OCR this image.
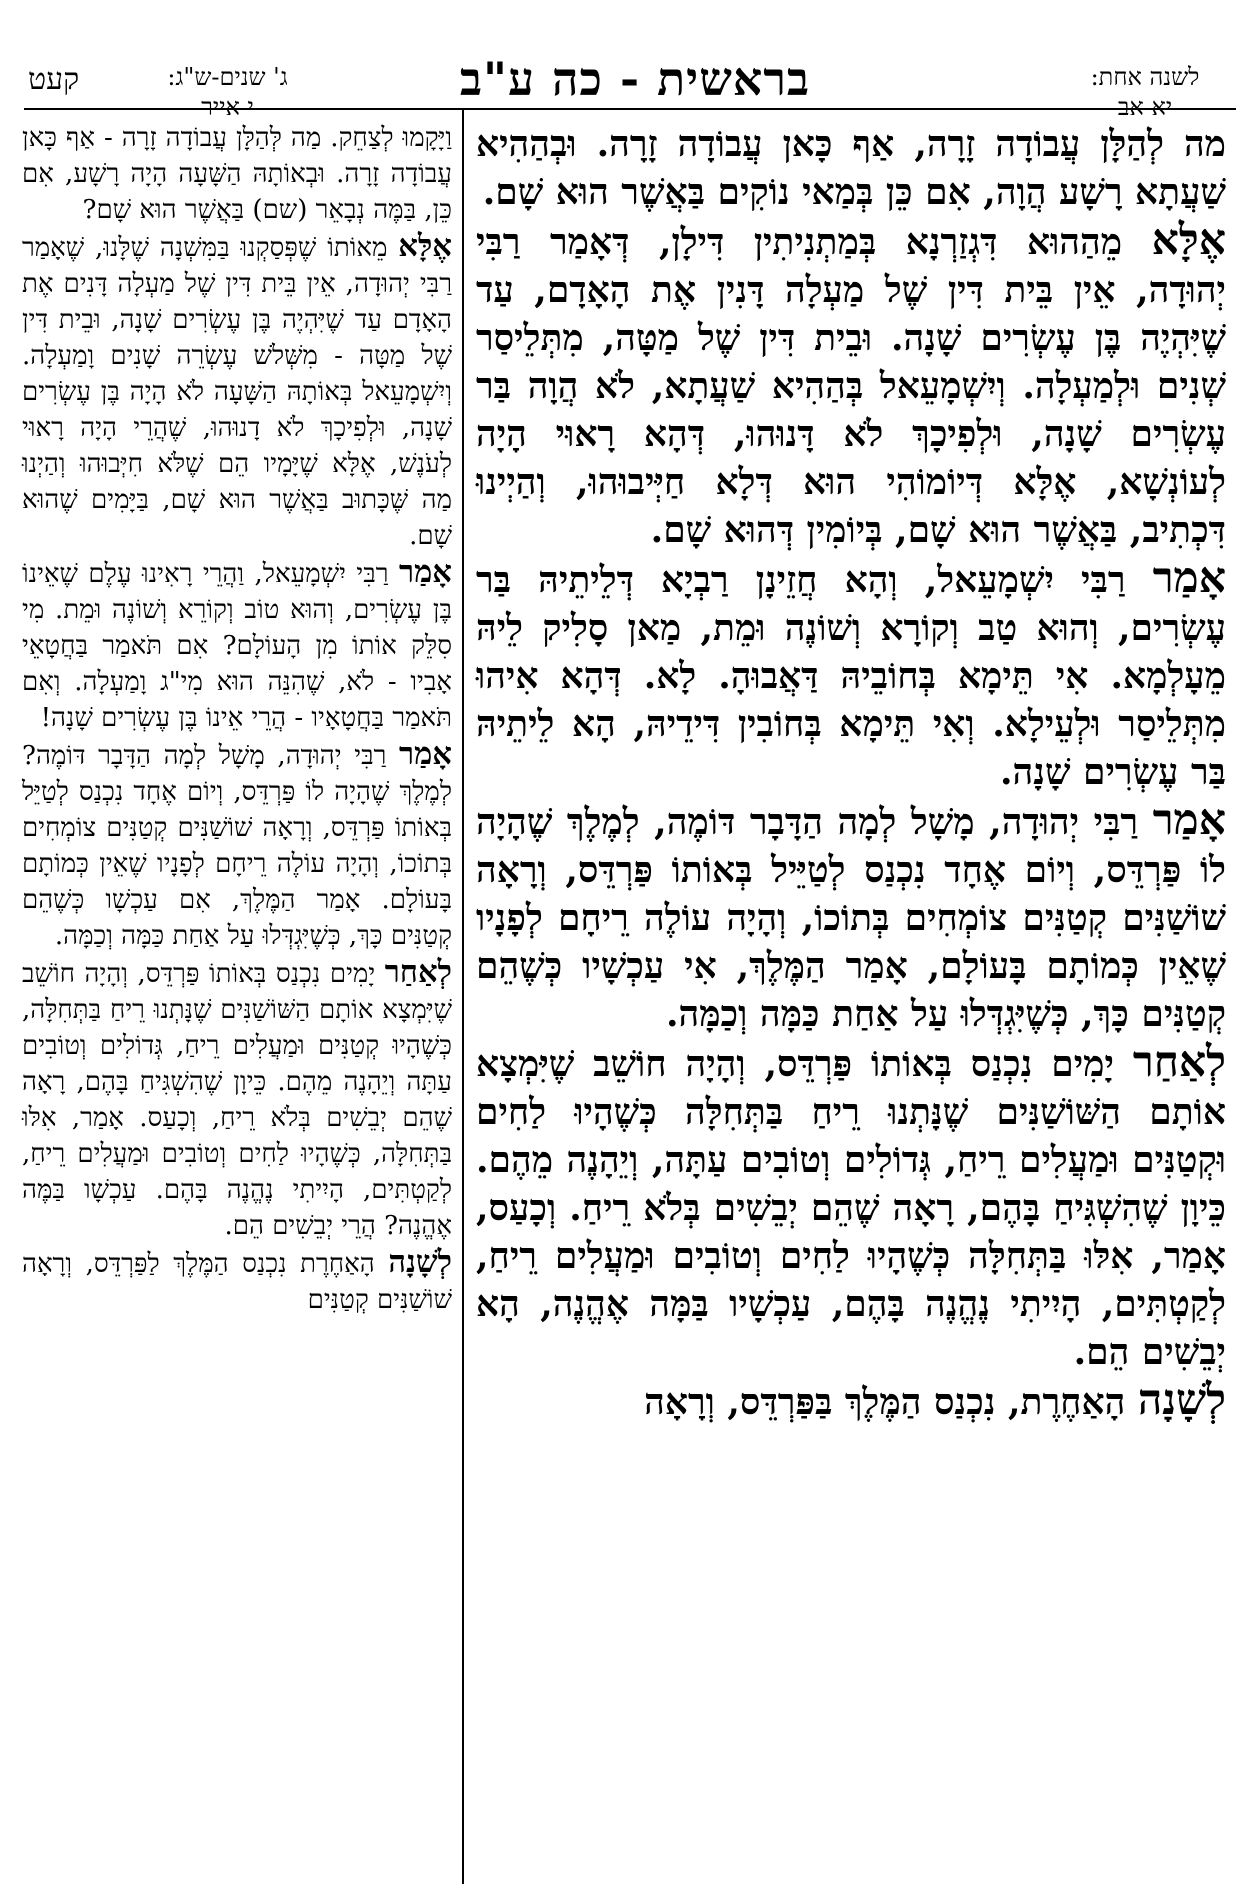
קעט	ג' שנים-ש"ג:
י אייר
בראשית - כה ע"ב	לשנה אחת:
יא אב

מה לְהַלָּן עֲבוֹדָה זָרָה, אַף כָּאן עֲבוֹדָה זָרָה. וּבְהַהִיא שַׁעֲתָא רָשָׁע הֲוָה, אִם כֵּן בְּמַאי נוֹקִים בַּאֲשֶׁר הוּא שָׁם.

אֶלָּא מֵהַהוּא דִּגְזַרְנָא בְּמַתְנִיתִין דִּילָן, דְּאָמַר רַבִּי יְהוּדָה, אֵין בֵּית דִּין שֶׁל מַעְלָה דָּנִין אֶת הָאָדָם, עַד שֶׁיִּהְיֶה בֶּן עֶשְׂרִים שָׁנָה. וּבֵית דִּין שֶׁל מַטָּה, מִתְּלֵיסַר שְׁנִים וּלְמַעְלָה. וְיִשְׁמָעֵאל בְּהַהִיא שַׁעֲתָא, לֹא הֲוָה בַּר עֶשְׂרִים שָׁנָה, וּלְפִיכָךְ לֹא דָּנוּהוּ, דְּהָא רָאוּי הָיָה לְעוֹנְשָׁא, אֶלָּא דְּיוֹמוֹהִי הוּא דְּלָא חַיְּיבוּהוּ, וְהַיְינוּ דִּכְתִיב, בַּאֲשֶׁר הוּא שָׁם, בְּיוֹמִין דְּהוּא שָׁם.

אָמַר רַבִּי יִשְׁמָעֵאל, וְהָא חֲזֵינָן רַבְיָא דְּלֵיתֵיהּ בַּר עֶשְׂרִים, וְהוּא טַב וְקוֹרָא וְשׁוֹנֶה וּמֵת, מַאן סָלִיק לֵיהּ מֵעָלְמָא. אִי תֵּימָא בְּחוֹבֵיהּ דַּאֲבוּהָ. לָא. דְּהָא אִיהוּ מִתְּלֵיסַר וּלְעֵילָא. וְאִי תֵּימָא בְּחוֹבִין דִּידֵיהּ, הָא לֵיתֵיהּ בַּר עֶשְׂרִים שָׁנָה.

אָמַר רַבִּי יְהוּדָה, מָשָׁל לְמָה הַדָּבָר דּוֹמֶה, לְמֶלֶךְ שֶׁהָיָה לוֹ פַּרְדֵּס, וְיוֹם אֶחָד נִכְנַס לְטַיֵּיל בְּאוֹתוֹ פַּרְדֵּס, וְרָאָה שׁוֹשַׁנִּים קְטַנִּים צוֹמְחִים בְּתוֹכוֹ, וְהָיָה עוֹלֶה רֵיחָם לְפָנָיו שֶׁאֵין כְּמוֹתָם בָּעוֹלָם, אָמַר הַמֶּלֶךְ, אִי עַכְשָׁיו כְּשֶׁהֵם קְטַנִּים כָּךְ, כְּשֶׁיִּגְדְּלוּ עַל אַחַת כַּמָּה וְכַמָּה.

לְאַחַר יָמִים נִכְנַס בְּאוֹתוֹ פַּרְדֵּס, וְהָיָה חוֹשֵׁב שֶׁיִּמְצָא אוֹתָם הַשּׁוֹשַׁנִּים שֶׁנָּתְנוּ רֵיחַ בַּתְּחִלָּה כְּשֶׁהָיוּ לַחִים וּקְטַנִּים וּמַעֲלִים רֵיחַ, גְּדוֹלִים וְטוֹבִים עַתָּה, וְיֵהָנֶה מֵהֶם. כֵּיוָן שֶׁהִשְׁגִּיחַ בָּהֶם, רָאָה שֶׁהֵם יְבֵשִׁים בְּלֹא רֵיחַ. וְכָעַס, אָמַר, אִלּוּ בַּתְּחִלָּה כְּשֶׁהָיוּ לַחִים וְטוֹבִים וּמַעֲלִים רֵיחַ, לְקַטְתִּים, הָיִיתִי נֶהֱנֶה בָּהֶם, עַכְשָׁיו בַּמָּה אֶהֱנֶה, הָא יְבֵשִׁים הֵם.

לְשָׁנָה הָאַחֶרֶת, נִכְנַס הַמֶּלֶךְ בַּפַּרְדֵּס, וְרָאָה

וַיָּקָמוּ לְצַחֵק. מַה לְּהַלָּן עֲבוֹדָה זָרָה - אַף כָּאן עֲבוֹדָה זָרָה. וּבְאוֹתָהּ הַשָּׁעָה הָיָה רָשָׁע, אִם כֵּן, בַּמֶּה נְבָאֵר (שם) בַּאֲשֶׁר הוּא שָׁם?

אֶלָּא מֵאוֹתוֹ שֶׁפְּסַקְנוּ בַּמִּשְׁנָה שֶׁלָּנוּ, שֶׁאָמַר רַבִּי יְהוּדָה, אֵין בֵּית דִּין שֶׁל מַעְלָה דָּנִים אֶת הָאָדָם עַד שֶׁיִּהְיֶה בֶּן עֶשְׂרִים שָׁנָה, וּבֵית דִּין שֶׁל מַטָּה - מִשְּׁלֹשׁ עֶשְׂרֵה שָׁנִים וָמַעְלָה. וְיִשְׁמָעֵאל בְּאוֹתָהּ הַשָּׁעָה לֹא הָיָה בֶּן עֶשְׂרִים שָׁנָה, וּלְפִיכָךְ לֹא דָנוּהוּ, שֶׁהֲרֵי הָיָה רָאוּי לְעֹנֶשׁ, אֶלָּא שֶׁיָּמָיו הֵם שֶׁלֹּא חִיְּבוּהוּ וְהַיְנוּ מַה שֶּׁכָּתוּב בַּאֲשֶׁר הוּא שָׁם, בַּיָּמִים שֶׁהוּא שָׁם.

אָמַר רַבִּי יִשְׁמָעֵאל, וַהֲרֵי רָאִינוּ עֶלֶם שֶׁאֵינוֹ בֶּן עֶשְׂרִים, וְהוּא טוֹב וְקוֹרֵא וְשׁוֹנֶה וּמֵת. מִי סִלֵּק אוֹתוֹ מִן הָעוֹלָם? אִם תֹּאמַר בַּחֲטָאֵי אָבִיו - לֹא, שֶׁהִנֵּה הוּא מִי"ג וָמַעְלָה. וְאִם תֹּאמַר בַּחֲטָאָיו - הֲרֵי אֵינוֹ בֶּן עֶשְׂרִים שָׁנָה!

אָמַר רַבִּי יְהוּדָה, מָשָׁל לְמָה הַדָּבָר דּוֹמֶה? לְמֶלֶךְ שֶׁהָיָה לוֹ פַּרְדֵּס, וְיוֹם אֶחָד נִכְנַס לְטַיֵּל בְּאוֹתוֹ פַּרְדֵּס, וְרָאָה שׁוֹשַׁנִּים קְטַנִּים צוֹמְחִים בְּתוֹכוֹ, וְהָיָה עוֹלֶה רֵיחָם לְפָנָיו שֶׁאֵין כְּמוֹתָם בָּעוֹלָם. אָמַר הַמֶּלֶךְ, אִם עַכְשָׁו כְּשֶׁהֵם קְטַנִּים כָּךְ, כְּשֶׁיִּגְדְּלוּ עַל אַחַת כַּמָּה וְכַמָּה.

לְאַחַר יָמִים נִכְנַס בְּאוֹתוֹ פַּרְדֵּס, וְהָיָה חוֹשֵׁב שֶׁיִּמְצָא אוֹתָם הַשּׁוֹשַׁנִּים שֶׁנָּתְנוּ רֵיחַ בַּתְּחִלָּה, כְּשֶׁהָיוּ קְטַנִּים וּמַעֲלִים רֵיחַ, גְּדוֹלִים וְטוֹבִים עַתָּה וְיֵהָנֶה מֵהֶם. כֵּיוָן שֶׁהִשְׁגִּיחַ בָּהֶם, רָאָה שֶׁהֵם יְבֵשִׁים בְּלֹא רֵיחַ, וְכָעַס. אָמַר, אִלּוּ בַּתְּחִלָּה, כְּשֶׁהָיוּ לַחִים וְטוֹבִים וּמַעֲלִים רֵיחַ, לְקַטְתִּים, הָיִיתִי נֶהֱנֶה בָּהֶם. עַכְשָׁו בַּמֶּה אֶהֱנֶה? הֲרֵי יְבֵשִׁים הֵם.

לְשָׁנָה הָאַחֶרֶת נִכְנַס הַמֶּלֶךְ לַפַּרְדֵּס, וְרָאָה שׁוֹשַׁנִּים קְטַנִּים
